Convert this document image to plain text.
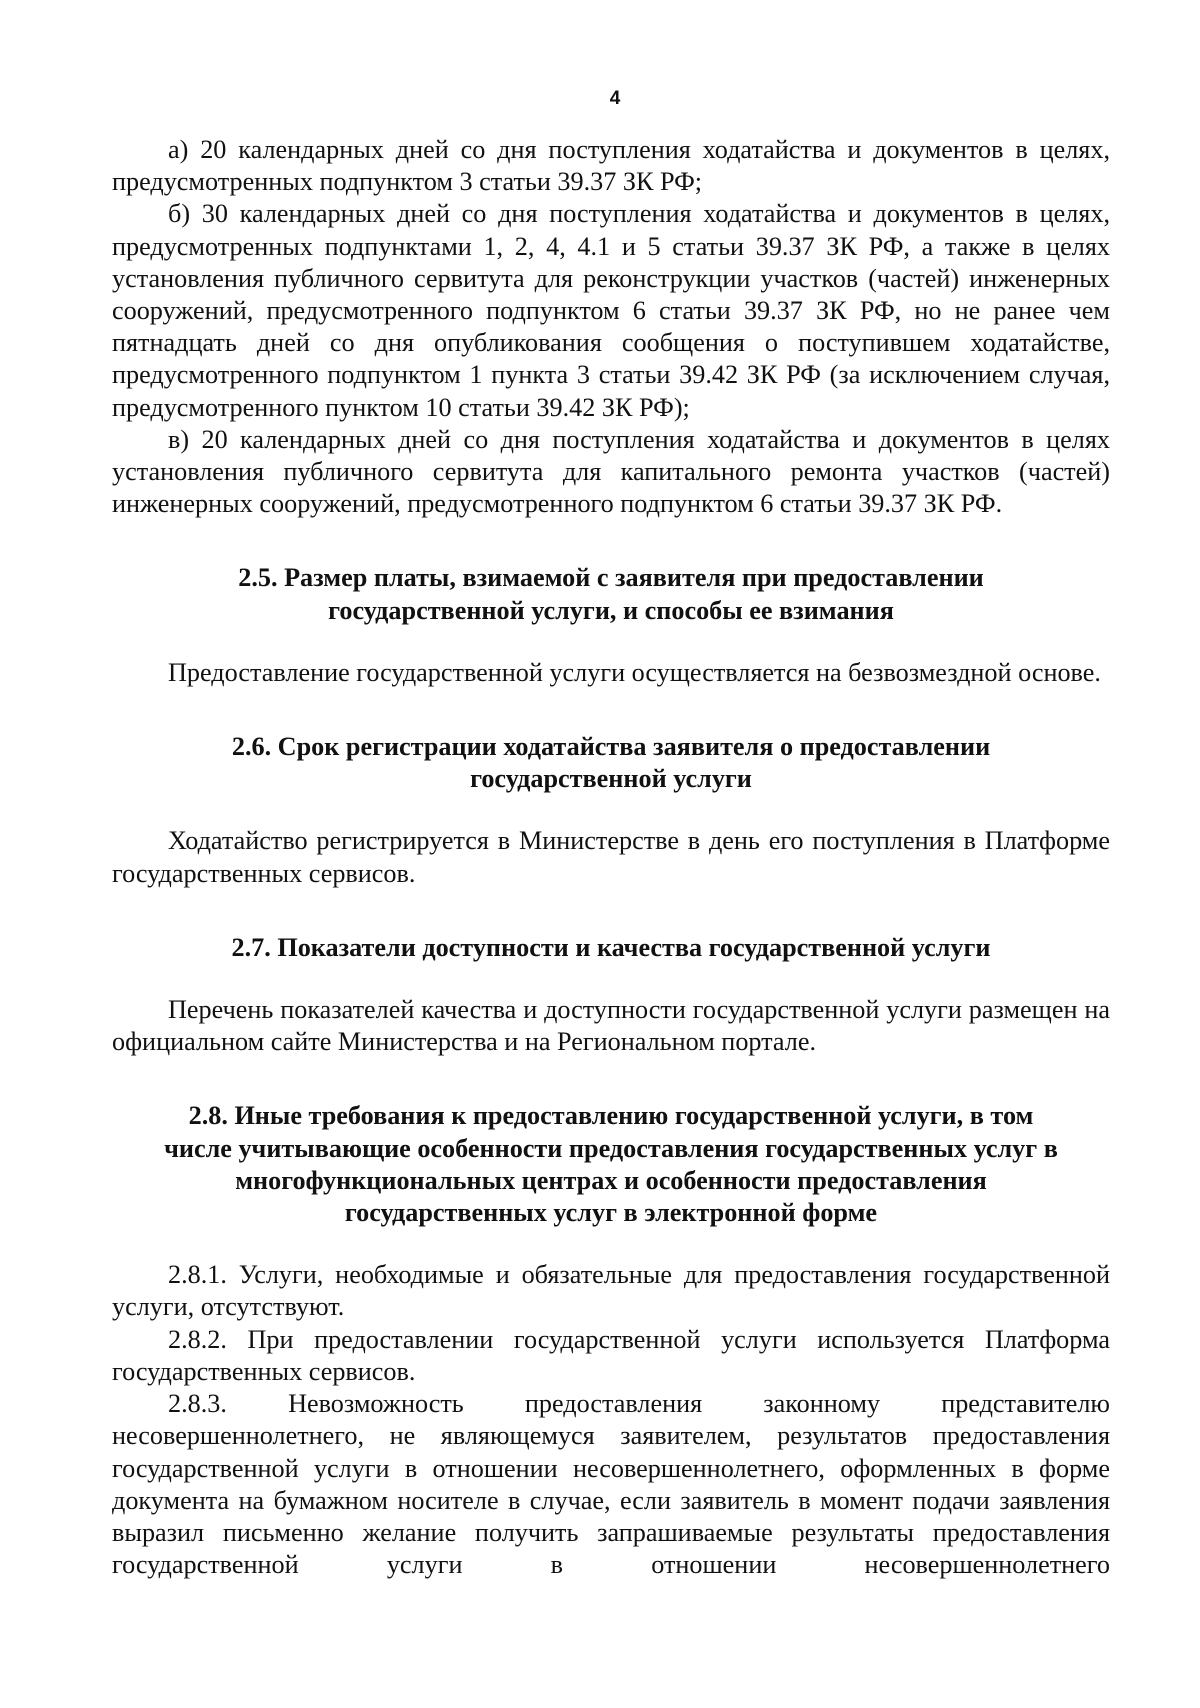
4

а) 20 календарных дней со дня поступления ходатайства и документов в целях, предусмотренных подпунктом 3 статьи 39.37 ЗК РФ;

б) 30 календарных дней со дня поступления ходатайства и документов в целях, предусмотренных подпунктами 1, 2, 4, 4.1 и 5 статьи 39.37 ЗК РФ, а также в целях установления публичного сервитута для реконструкции участков (частей) инженерных сооружений, предусмотренного подпунктом 6 статьи 39.37 ЗК РФ, но не ранее чем пятнадцать дней со дня опубликования сообщения о поступившем ходатайстве, предусмотренного подпунктом 1 пункта 3 статьи 39.42 ЗК РФ (за исключением случая, предусмотренного пунктом 10 статьи 39.42 ЗК РФ);

в) 20 календарных дней со дня поступления ходатайства и документов в целях установления публичного сервитута для капитального ремонта участков (частей) инженерных сооружений, предусмотренного подпунктом 6 статьи 39.37 ЗК РФ.

2.5. Размер платы, взимаемой с заявителя при предоставлении

государственной услуги, и способы ее взимания

Предоставление государственной услуги осуществляется на безвозмездной основе.

2.6. Срок регистрации ходатайства заявителя о предоставлении

государственной услуги

Ходатайство регистрируется в Министерстве в день его поступления в Платформе государственных сервисов.

2.7. Показатели доступности и качества государственной услуги

Перечень показателей качества и доступности государственной услуги размещен на официальном сайте Министерства и на Региональном портале.

2.8. Иные требования к предоставлению государственной услуги, в том

числе учитывающие особенности предоставления государственных услуг в

многофункциональных центрах и особенности предоставления

государственных услуг в электронной форме

2.8.1. Услуги, необходимые и обязательные для предоставления государственной услуги, отсутствуют.

2.8.2. При предоставлении государственной услуги используется Платформа государственных сервисов.

2.8.3. Невозможность предоставления законному представителю несовершеннолетнего, не являющемуся заявителем, результатов предоставления государственной услуги в отношении несовершеннолетнего, оформленных в форме документа на бумажном носителе в случае, если заявитель в момент подачи заявления выразил письменно желание получить запрашиваемые результаты предоставления государственной услуги в отношении несовершеннолетнего
